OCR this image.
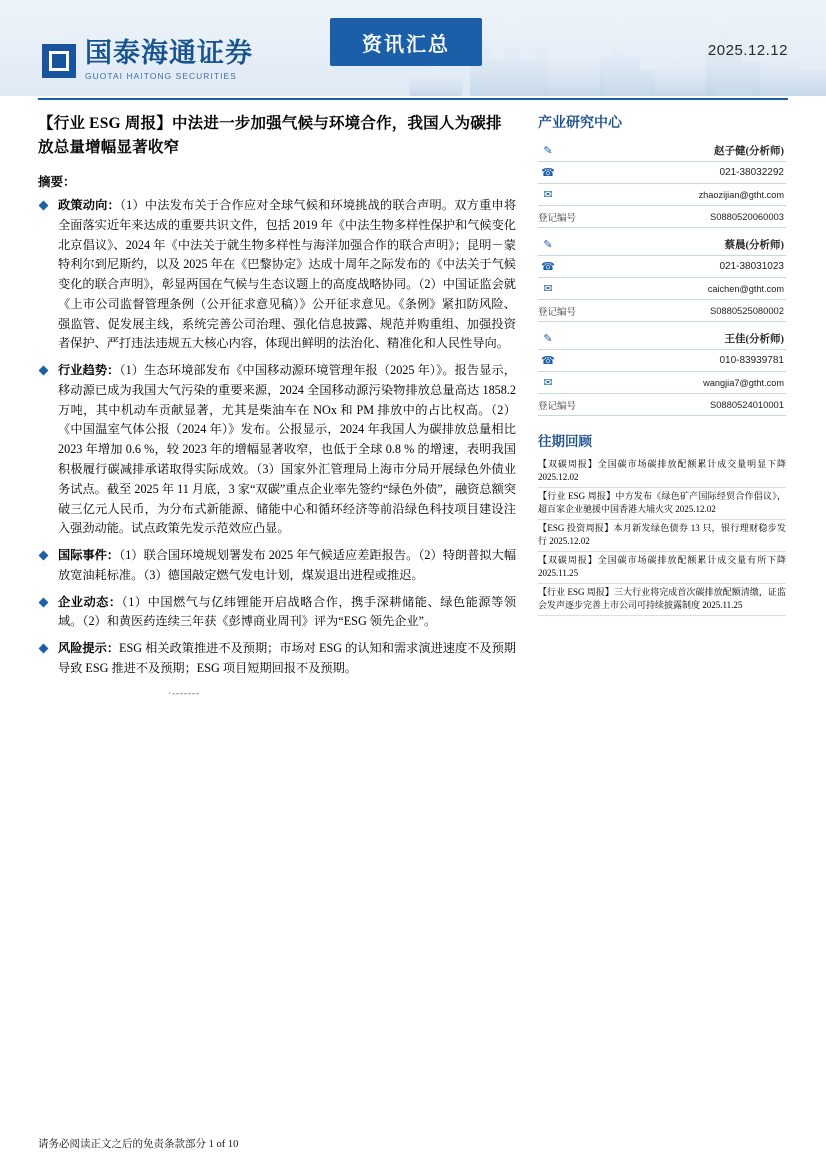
国泰海通证券
GUOTAI HAITONG SECURITIES
资讯汇总	2025.12.12
【行业 ESG 周报】中法进一步加强气候与环境合作，我国人为碳排放总量增幅显著收窄
摘要：
政策动向：（1）中法发布关于合作应对全球气候和环境挑战的联合声明。双方重申将全面落实近年来达成的重要共识文件，包括 2019 年《中法生物多样性保护和气候变化北京倡议》、2024 年《中法关于就生物多样性与海洋加强合作的联合声明》；昆明－蒙特利尔到尼斯约，以及 2025 年在《巴黎协定》达成十周年之际发布的《中法关于气候变化的联合声明》，彰显两国在气候与生态议题上的高度战略协同。（2）中国证监会就《上市公司监督管理条例（公开征求意见稿）》公开征求意见。《条例》紧扣防风险、强监管、促发展主线，系统完善公司治理、强化信息披露、规范并购重组、加强投资者保护、严打违法违规五大核心内容，体现出鲜明的法治化、精准化和人民性导向。
行业趋势：（1）生态环境部发布《中国移动源环境管理年报（2025 年）》。报告显示，移动源已成为我国大气污染的重要来源，2024 全国移动源污染物排放总量高达 1858.2 万吨，其中机动车贡献显著，尤其是柴油车在 NOx 和 PM 排放中的占比权高。（2）《中国温室气体公报（2024 年）》发布。公报显示，2024 年我国人为碳排放总量相比 2023 年增加 0.6 %，较 2023 年的增幅显著收窄，也低于全球 0.8 % 的增速，表明我国积极履行碳减排承诺取得实际成效。（3）国家外汇管理局上海市分局开展绿色外债业务试点。截至 2025 年 11 月底，3 家“双碳”重点企业率先签约“绿色外债”，融资总额突破三亿元人民币，为分布式新能源、储能中心和循环经济等前沿绿色科技项目建设注入强劲动能。试点政策先发示范效应凸显。
国际事件：（1）联合国环境规划署发布 2025 年气候适应差距报告。（2）特朗普拟大幅放宽油耗标准。（3）德国敲定燃气发电计划，煤炭退出进程或推迟。
企业动态：（1）中国燃气与亿纬锂能开启战略合作，携手深耕储能、绿色能源等领域。（2）和黄医药连续三年获《彭博商业周刊》评为“ESG 领先企业”。
风险提示：ESG 相关政策推进不及预期；市场对 ESG 的认知和需求演进速度不及预期导致 ESG 推进不及预期；ESG 项目短期回报不及预期。
产业研究中心
✎	赵子健(分析师)
☎	021-38032292
✉	zhaozijian@gtht.com
登记编号	S0880520060003
✎	蔡晨(分析师)
☎	021-38031023
✉	caichen@gtht.com
登记编号	S0880525080002
✎	王佳(分析师)
☎	010-83939781
✉	wangjia7@gtht.com
登记编号	S0880524010001
往期回顾
【双碳周报】全国碳市场碳排放配额累计成交量明显下降 2025.12.02
【行业 ESG 周报】中方发布《绿色矿产国际经贸合作倡议》，超百家企业驰援中国香港大埔火灾 2025.12.02
【ESG 投资周报】本月新发绿色债券 13 只，银行理财稳步发行 2025.12.02
【双碳周报】全国碳市场碳排放配额累计成交量有所下降 2025.11.25
【行业 ESG 周报】三大行业将完成首次碳排放配额清缴，证监会发声逐步完善上市公司可持续披露制度 2025.11.25
·-------
请务必阅读正文之后的免责条款部分 1 of 10
